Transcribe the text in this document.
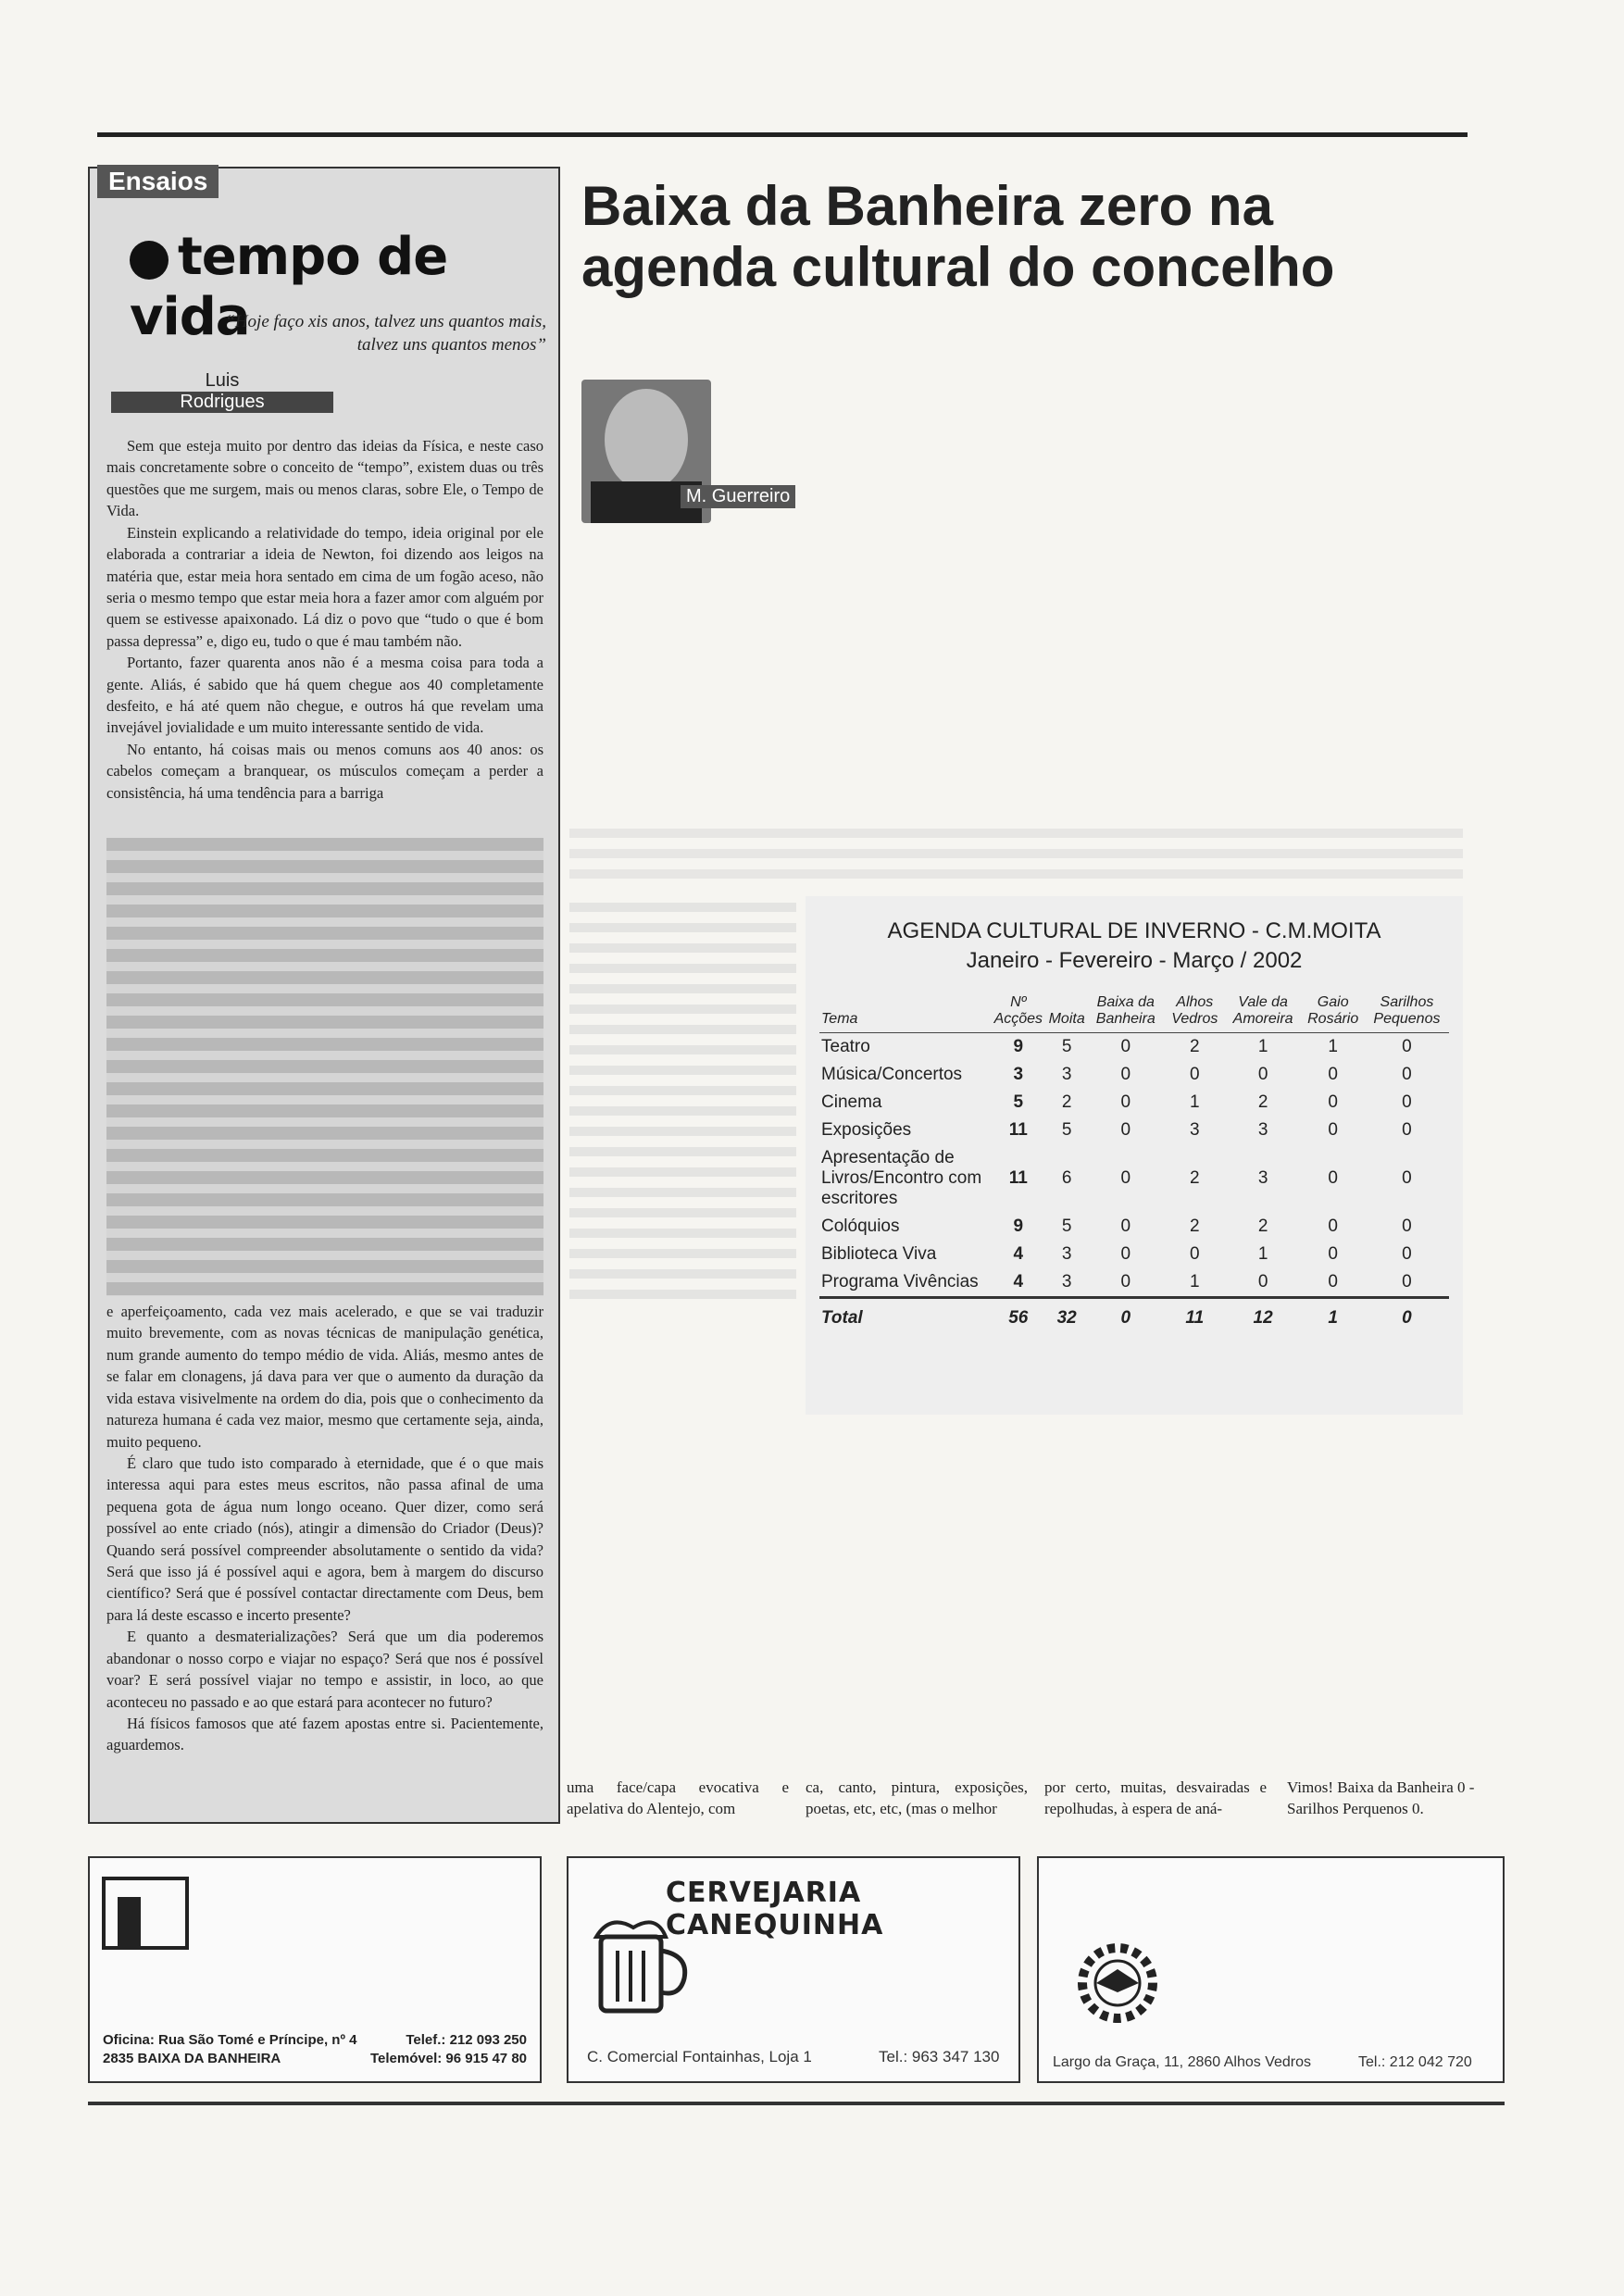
Ensaios
tempo de vida
“Hoje faço xis anos, talvez uns quantos mais, talvez uns quantos menos”
Luis
Rodrigues

Sem que esteja muito por dentro das ideias da Física, e neste caso mais concretamente sobre o conceito de “tempo”, existem duas ou três questões que me surgem, mais ou menos claras, sobre Ele, o Tempo de Vida.

Einstein explicando a relatividade do tempo, ideia original por ele elaborada a contrariar a ideia de Newton, foi dizendo aos leigos na matéria que, estar meia hora sentado em cima de um fogão aceso, não seria o mesmo tempo que estar meia hora a fazer amor com alguém por quem se estivesse apaixonado. Lá diz o povo que “tudo o que é bom passa depressa” e, digo eu, tudo o que é mau também não.

Portanto, fazer quarenta anos não é a mesma coisa para toda a gente. Aliás, é sabido que há quem chegue aos 40 completamente desfeito, e há até quem não chegue, e outros há que revelam uma invejável jovialidade e um muito interessante sentido de vida.

No entanto, há coisas mais ou menos comuns aos 40 anos: os cabelos começam a branquear, os músculos começam a perder a consistência, há uma tendência para a barriga

e aperfeiçoamento, cada vez mais acelerado, e que se vai traduzir muito brevemente, com as novas técnicas de manipulação genética, num grande aumento do tempo médio de vida. Aliás, mesmo antes de se falar em clonagens, já dava para ver que o aumento da duração da vida estava visivelmente na ordem do dia, pois que o conhecimento da natureza humana é cada vez maior, mesmo que certamente seja, ainda, muito pequeno.

É claro que tudo isto comparado à eternidade, que é o que mais interessa aqui para estes meus escritos, não passa afinal de uma pequena gota de água num longo oceano. Quer dizer, como será possível ao ente criado (nós), atingir a dimensão do Criador (Deus)? Quando será possível compreender absolutamente o sentido da vida? Será que isso já é possível aqui e agora, bem à margem do discurso científico? Será que é possível contactar directamente com Deus, bem para lá deste escasso e incerto presente?

E quanto a desmaterializações? Será que um dia poderemos abandonar o nosso corpo e viajar no espaço? Será que nos é possível voar? E será possível viajar no tempo e assistir, in loco, ao que aconteceu no passado e ao que estará para acontecer no futuro?

Há físicos famosos que até fazem apostas entre si. Pacientemente, aguardemos.

Baixa da Banheira zero na agenda cultural do concelho
M. Guerreiro
AGENDA CULTURAL DE INVERNO - C.M.MOITA
Janeiro - Fevereiro - Março / 2002
Tema	Nº Acções	Moita	Baixa da Banheira	Alhos Vedros	Vale da Amoreira	Gaio Rosário	Sarilhos Pequenos
Teatro	9	5	0	2	1	1	0
Música/Concertos	3	3	0	0	0	0	0
Cinema	5	2	0	1	2	0	0
Exposições	11	5	0	3	3	0	0
Apresentação de Livros/Encontro com escritores	11	6	0	2	3	0	0
Colóquios	9	5	0	2	2	0	0
Biblioteca Viva	4	3	0	0	1	0	0
Programa Vivências	4	3	0	1	0	0	0
Total	56	32	0	11	12	1	0
uma face/capa evocativa e apelativa do Alentejo, com
ca, canto, pintura, exposições, poetas, etc, etc, (mas o melhor
por certo, muitas, desvairadas e repolhudas, à espera de aná-
Vimos! Baixa da Banheira 0 - Sarilhos Perquenos 0.
Oficina: Rua São Tomé e Príncipe, nº 4
2835 BAIXA DA BANHEIRA
Telef.: 212 093 250
Telemóvel: 96 915 47 80
CERVEJARIA CANEQUINHA
C. Comercial Fontainhas, Loja 1	Tel.: 963 347 130	Largo da Graça, 11, 2860 Alhos Vedros	Tel.: 212 042 720
